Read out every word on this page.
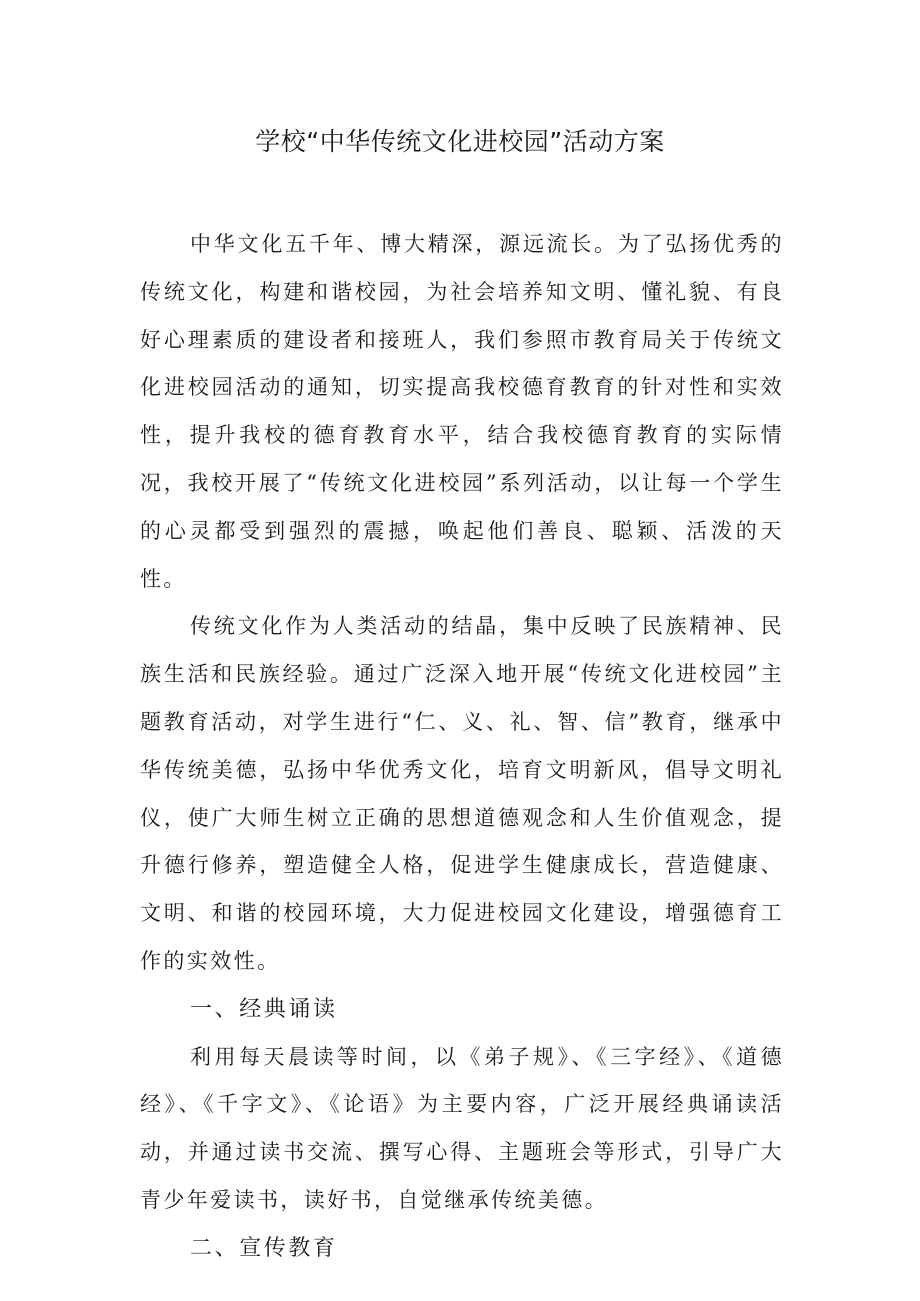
学校“中华传统文化进校园”活动方案

中华文化五千年、博大精深，源远流长。为了弘扬优秀的传统文化，构建和谐校园，为社会培养知文明、懂礼貌、有良好心理素质的建设者和接班人，我们参照市教育局关于传统文化进校园活动的通知，切实提高我校德育教育的针对性和实效性，提升我校的德育教育水平，结合我校德育教育的实际情况，我校开展了“传统文化进校园”系列活动，以让每一个学生的心灵都受到强烈的震撼，唤起他们善良、聪颖、活泼的天性。

传统文化作为人类活动的结晶，集中反映了民族精神、民族生活和民族经验。通过广泛深入地开展“传统文化进校园”主题教育活动，对学生进行“仁、义、礼、智、信”教育，继承中华传统美德，弘扬中华优秀文化，培育文明新风，倡导文明礼仪，使广大师生树立正确的思想道德观念和人生价值观念，提升德行修养，塑造健全人格，促进学生健康成长，营造健康、文明、和谐的校园环境，大力促进校园文化建设，增强德育工作的实效性。

一、经典诵读

利用每天晨读等时间，以《弟子规》、《三字经》、《道德经》、《千字文》、《论语》为主要内容，广泛开展经典诵读活动，并通过读书交流、撰写心得、主题班会等形式，引导广大青少年爱读书，读好书，自觉继承传统美德。

二、宣传教育
